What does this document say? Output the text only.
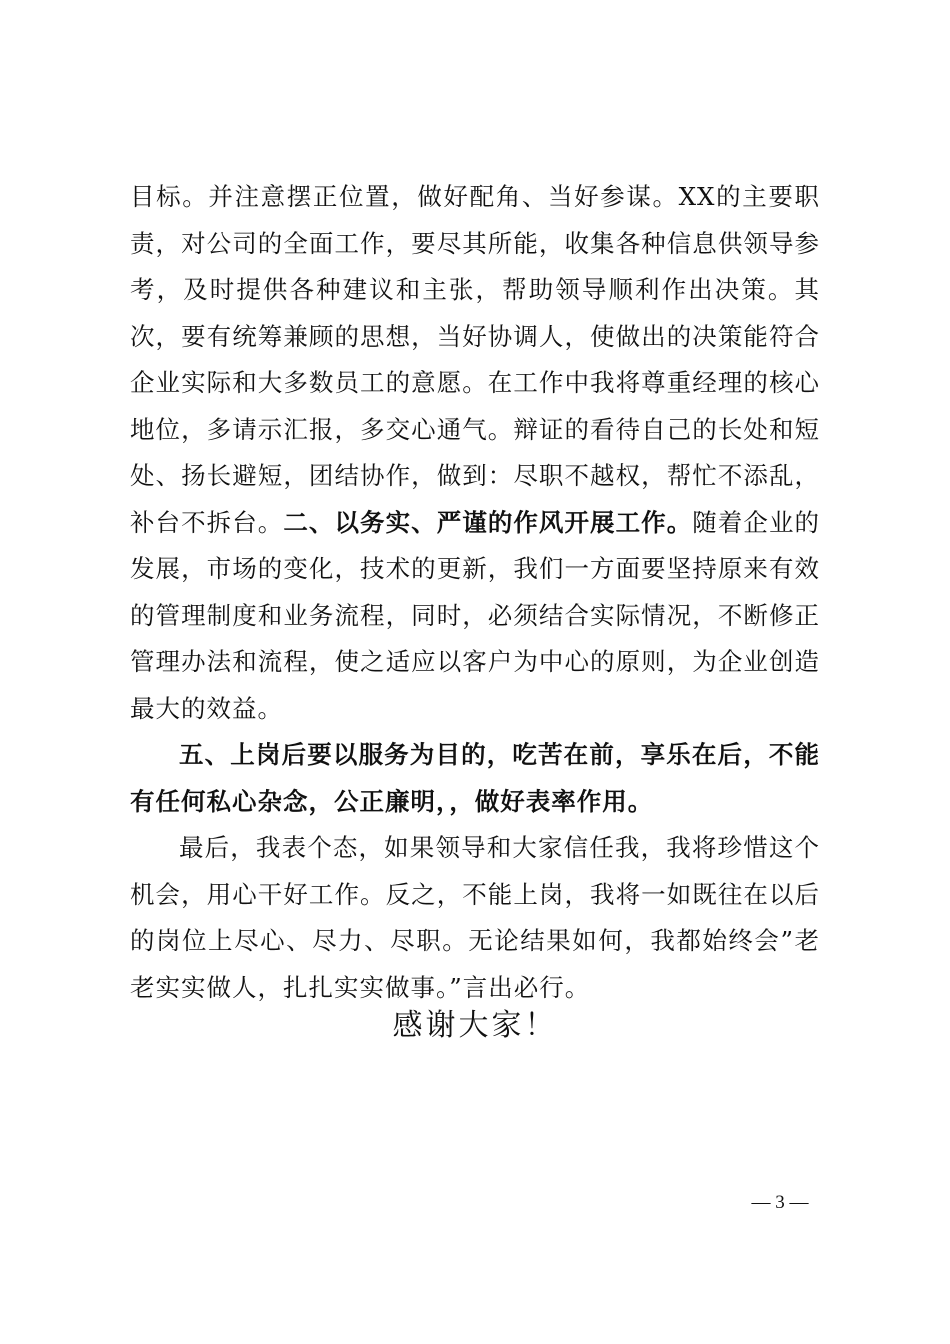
目标。并注意摆正位置，做好配角、当好参谋。XX的主要职责，对公司的全面工作，要尽其所能，收集各种信息供领导参考，及时提供各种建议和主张，帮助领导顺利作出决策。其次，要有统筹兼顾的思想，当好协调人，使做出的决策能符合企业实际和大多数员工的意愿。在工作中我将尊重经理的核心地位，多请示汇报，多交心通气。辩证的看待自己的长处和短处、扬长避短，团结协作，做到：尽职不越权，帮忙不添乱，补台不拆台。二、以务实、严谨的作风开展工作。随着企业的发展，市场的变化，技术的更新，我们一方面要坚持原来有效的管理制度和业务流程，同时，必须结合实际情况，不断修正管理办法和流程，使之适应以客户为中心的原则，为企业创造最大的效益。

五、上岗后要以服务为目的，吃苦在前，享乐在后，不能有任何私心杂念，公正廉明，，做好表率作用。

最后，我表个态，如果领导和大家信任我，我将珍惜这个机会，用心干好工作。反之，不能上岗，我将一如既往在以后的岗位上尽心、尽力、尽职。无论结果如何，我都始终会”老老实实做人，扎扎实实做事。”言出必行。

感谢大家！
— 3 —
